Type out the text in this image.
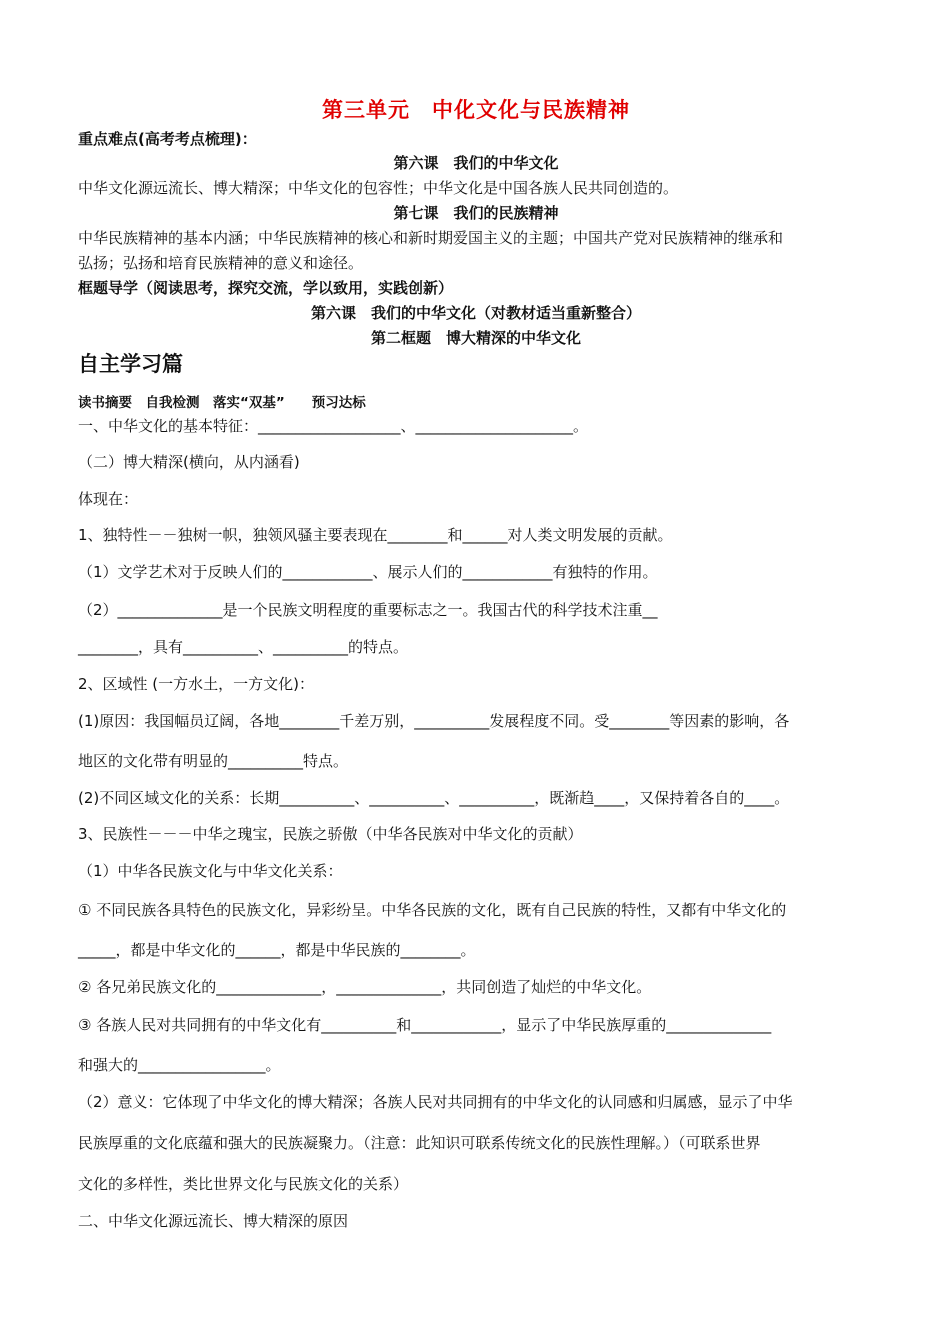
第三单元　中化文化与民族精神
重点难点(高考考点梳理)：
第六课　我们的中华文化
中华文化源远流长、博大精深；中华文化的包容性；中华文化是中国各族人民共同创造的。
第七课　我们的民族精神
中华民族精神的基本内涵；中华民族精神的核心和新时期爱国主义的主题；中国共产党对民族精神的继承和
弘扬；弘扬和培育民族精神的意义和途径。
框题导学（阅读思考，探究交流，学以致用，实践创新）
第六课　我们的中华文化（对教材适当重新整合）
第二框题　博大精深的中华文化
自主学习篇
读书摘要　自我检测　落实“双基”　　预习达标
一、中华文化的基本特征：___________________、_____________________。
（二）博大精深(横向，从内涵看)
体现在：
1、独特性－－独树一帜，独领风骚主要表现在________和______对人类文明发展的贡献。
（1）文学艺术对于反映人们的____________、展示人们的____________有独特的作用。
（2）______________是一个民族文明程度的重要标志之一。我国古代的科学技术注重__
________，具有__________、__________的特点。
2、区域性 (一方水土，一方文化)：
(1)原因：我国幅员辽阔，各地________千差万别，__________发展程度不同。受________等因素的影响，各
地区的文化带有明显的__________特点。
(2)不同区域文化的关系：长期__________、__________、__________，既渐趋____，又保持着各自的____。
3、民族性－－－中华之瑰宝，民族之骄傲（中华各民族对中华文化的贡献）
（1）中华各民族文化与中华文化关系：
① 不同民族各具特色的民族文化，异彩纷呈。中华各民族的文化，既有自己民族的特性，又都有中华文化的
_____，都是中华文化的______，都是中华民族的________。
② 各兄弟民族文化的______________，______________，共同创造了灿烂的中华文化。
③ 各族人民对共同拥有的中华文化有__________和____________，显示了中华民族厚重的______________
和强大的_________________。
（2）意义：它体现了中华文化的博大精深；各族人民对共同拥有的中华文化的认同感和归属感，显示了中华
民族厚重的文化底蕴和强大的民族凝聚力。（注意：此知识可联系传统文化的民族性理解。）（可联系世界
文化的多样性，类比世界文化与民族文化的关系）
二、中华文化源远流长、博大精深的原因
